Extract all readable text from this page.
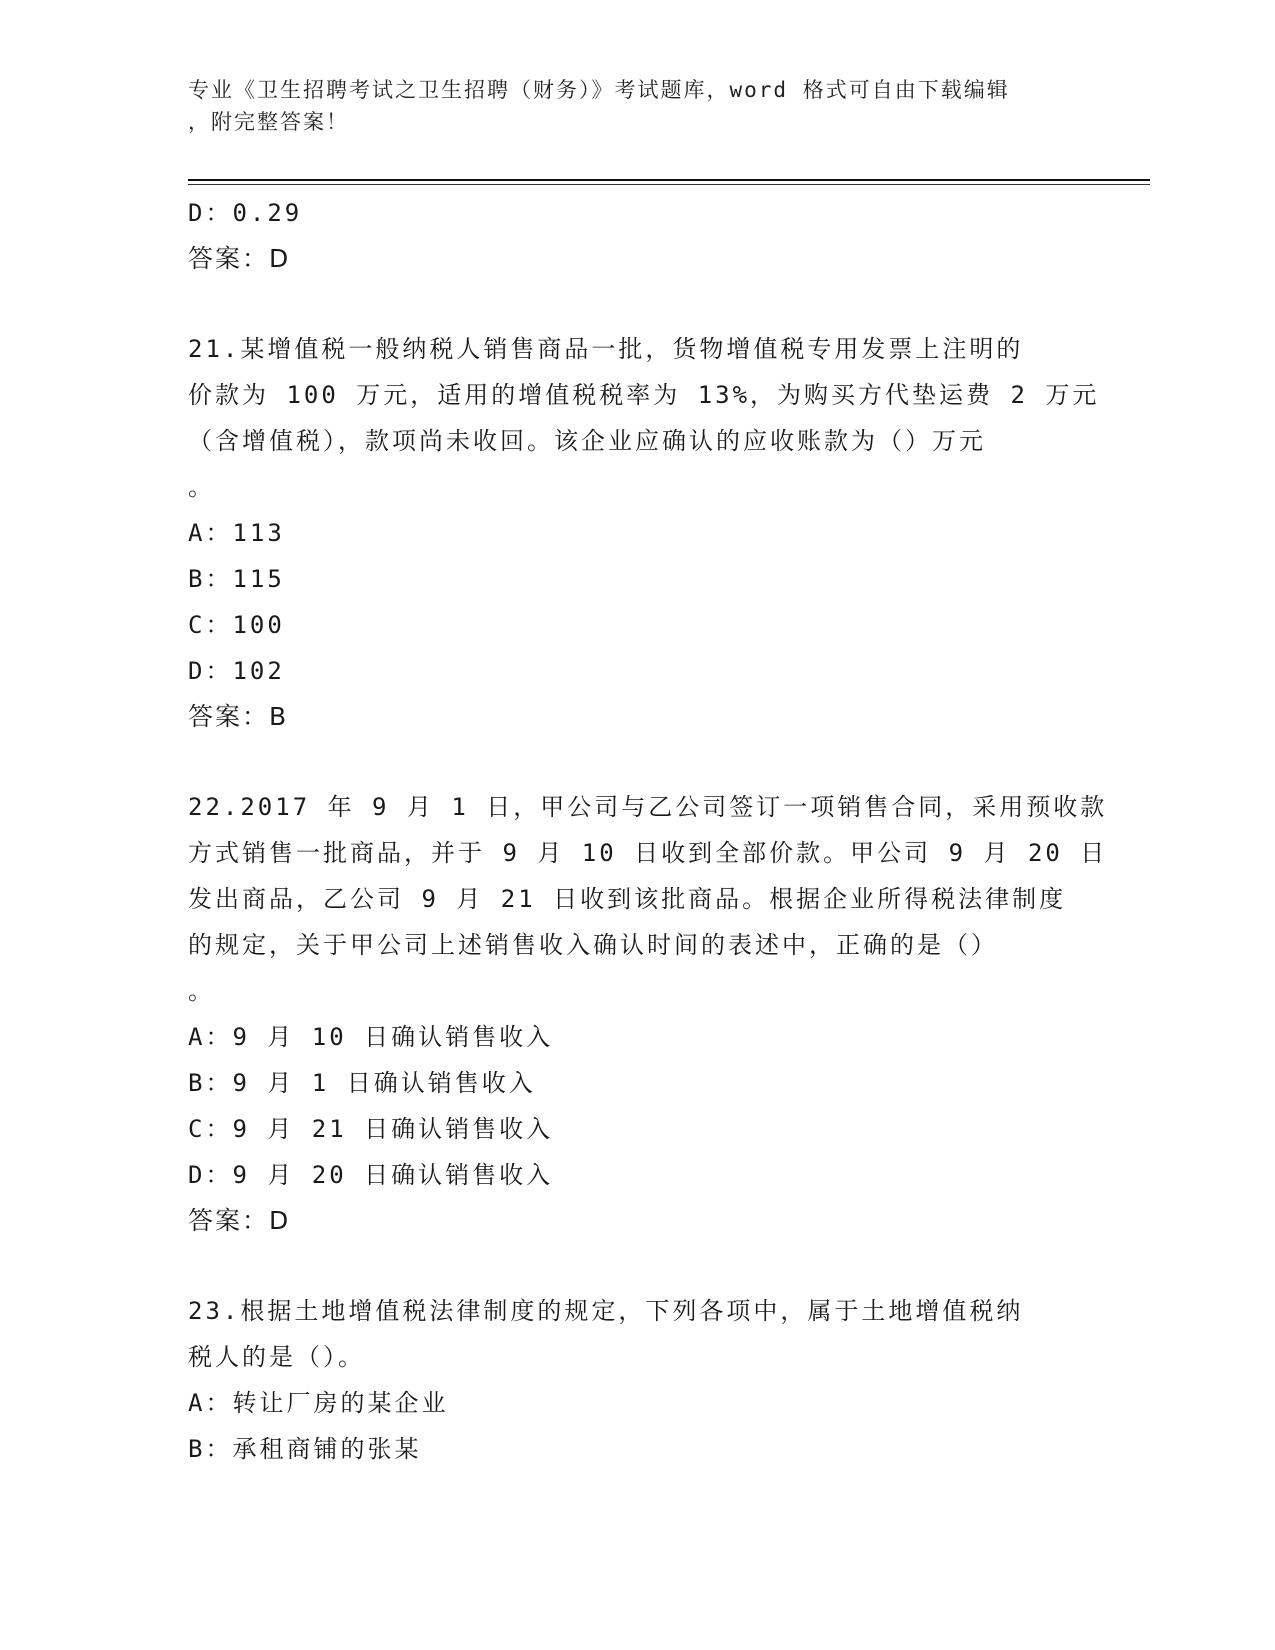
专业《卫生招聘考试之卫生招聘（财务）》考试题库，word 格式可自由下载编辑
，附完整答案！
D：0.29
答案：D
21.某增值税一般纳税人销售商品一批，货物增值税专用发票上注明的
价款为 100 万元，适用的增值税税率为 13%，为购买方代垫运费 2 万元
（含增值税），款项尚未收回。该企业应确认的应收账款为（）万元
。
A：113
B：115
C：100
D：102
答案：B
22.2017 年 9 月 1 日，甲公司与乙公司签订一项销售合同，采用预收款
方式销售一批商品，并于 9 月 10 日收到全部价款。甲公司 9 月 20 日
发出商品，乙公司 9 月 21 日收到该批商品。根据企业所得税法律制度
的规定，关于甲公司上述销售收入确认时间的表述中，正确的是（）
。
A：9 月 10 日确认销售收入
B：9 月 1 日确认销售收入
C：9 月 21 日确认销售收入
D：9 月 20 日确认销售收入
答案：D
23.根据土地增值税法律制度的规定，下列各项中，属于土地增值税纳
税人的是（）。
A：转让厂房的某企业
B：承租商铺的张某
